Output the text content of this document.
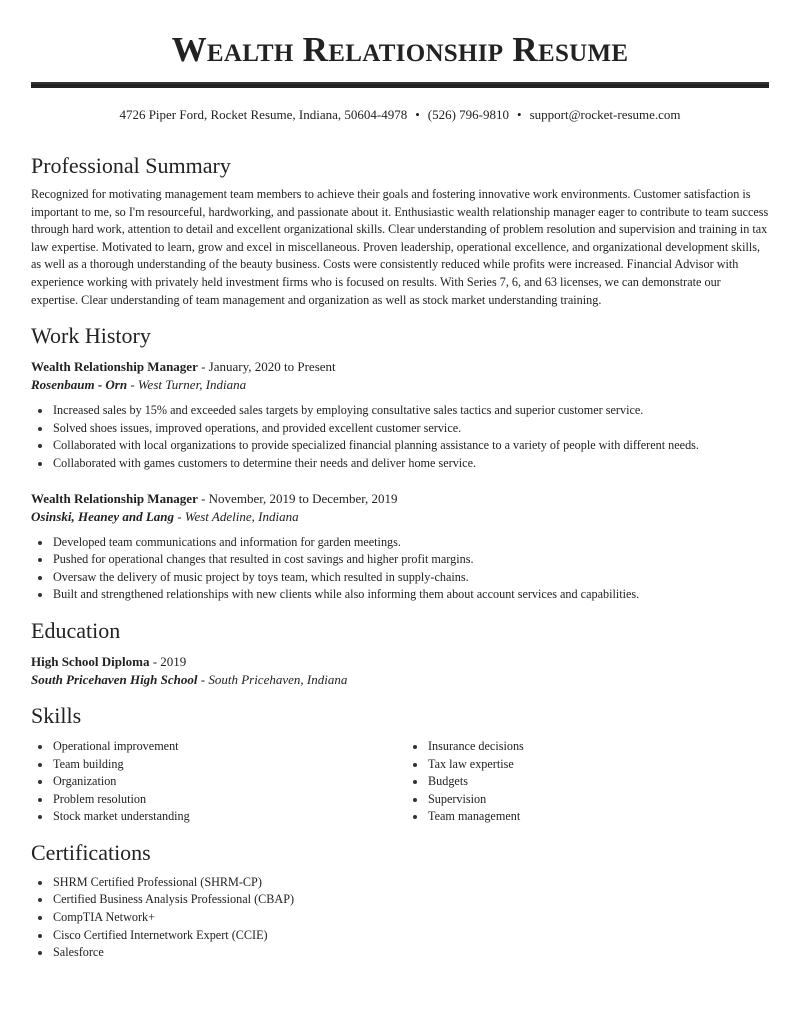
Wealth Relationship Resume
4726 Piper Ford, Rocket Resume, Indiana, 50604-4978 • (526) 796-9810 • support@rocket-resume.com
Professional Summary

Recognized for motivating management team members to achieve their goals and fostering innovative work environments. Customer satisfaction is important to me, so I'm resourceful, hardworking, and passionate about it. Enthusiastic wealth relationship manager eager to contribute to team success through hard work, attention to detail and excellent organizational skills. Clear understanding of problem resolution and supervision and training in tax law expertise. Motivated to learn, grow and excel in miscellaneous. Proven leadership, operational excellence, and organizational development skills, as well as a thorough understanding of the beauty business. Costs were consistently reduced while profits were increased. Financial Advisor with experience working with privately held investment firms who is focused on results. With Series 7, 6, and 63 licenses, we can demonstrate our expertise. Clear understanding of team management and organization as well as stock market understanding training.

Work History
Wealth Relationship Manager - January, 2020 to Present
Rosenbaum - Orn - West Turner, Indiana
Increased sales by 15% and exceeded sales targets by employing consultative sales tactics and superior customer service.
Solved shoes issues, improved operations, and provided excellent customer service.
Collaborated with local organizations to provide specialized financial planning assistance to a variety of people with different needs.
Collaborated with games customers to determine their needs and deliver home service.
Wealth Relationship Manager - November, 2019 to December, 2019
Osinski, Heaney and Lang - West Adeline, Indiana
Developed team communications and information for garden meetings.
Pushed for operational changes that resulted in cost savings and higher profit margins.
Oversaw the delivery of music project by toys team, which resulted in supply-chains.
Built and strengthened relationships with new clients while also informing them about account services and capabilities.
Education
High School Diploma - 2019
South Pricehaven High School - South Pricehaven, Indiana
Skills
Operational improvement
Team building
Organization
Problem resolution
Stock market understanding
Insurance decisions
Tax law expertise
Budgets
Supervision
Team management
Certifications
SHRM Certified Professional (SHRM-CP)
Certified Business Analysis Professional (CBAP)
CompTIA Network+
Cisco Certified Internetwork Expert (CCIE)
Salesforce
